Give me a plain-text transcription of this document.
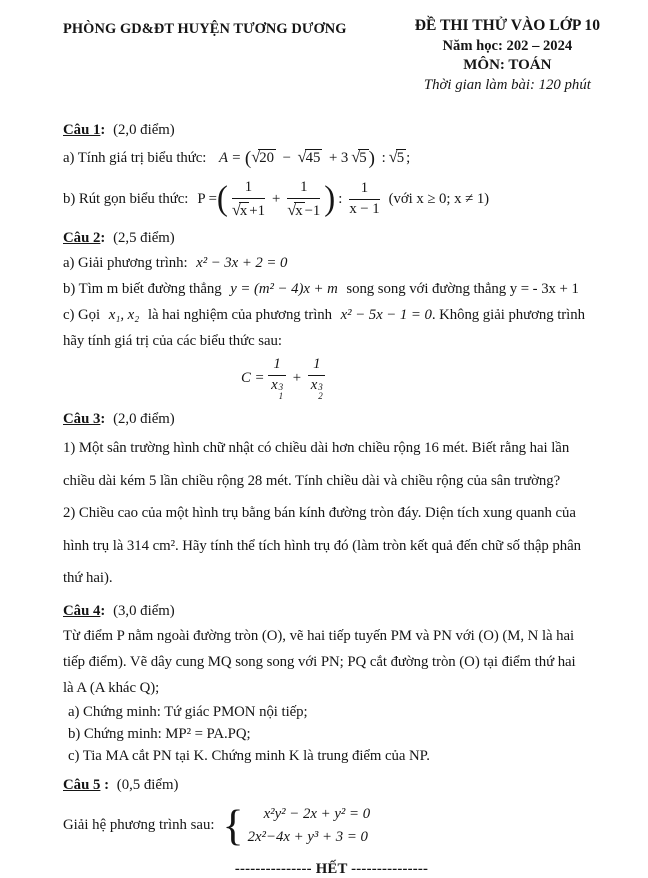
PHÒNG GD&ĐT HUYỆN TƯƠNG DƯƠNG	ĐỀ THI THỬ VÀO LỚP 10
Năm học: 202 – 2024
MÔN: TOÁN
Thời gian làm bài: 120 phút
Câu 1: (2,0 điểm)
a) Tính giá trị biểu thức: A = (√20 − √45 + 3 √5 ) : √5 ;
b) Rút gọn biểu thức: P = ( $\frac{1}{√x +1} + \frac{1}{√x -1}$ ) : $\frac{1}{x - 1}$ (với x ≥ 0; x ≠ 1)
Câu 2: (2,5 điểm)
a) Giải phương trình: x² − 3x + 2 = 0
b) Tìm m biết đường thẳng y = (m² − 4)x + m song song với đường thẳng y = - 3x + 1
c) Gọi x₁, x₂ là hai nghiệm của phương trình x² − 5x − 1 = 0. Không giải phương trình
hãy tính giá trị của các biểu thức sau:
C = 1
x 3
1 + 1
x 3
2
Câu 3: (2,0 điểm)
1) Một sân trường hình chữ nhật có chiều dài hơn chiều rộng 16 mét. Biết rằng hai lần
chiều dài kém 5 lần chiều rộng 28 mét. Tính chiều dài và chiều rộng của sân trường?
2) Chiều cao của một hình trụ bằng bán kính đường tròn đáy. Diện tích xung quanh của
hình trụ là 314 cm². Hãy tính thể tích hình trụ đó (làm tròn kết quả đến chữ số thập phân
thứ hai).
Câu 4: (3,0 điểm)
Từ điểm P nằm ngoài đường tròn (O), vẽ hai tiếp tuyến PM và PN với (O) (M, N là hai
tiếp điểm). Vẽ dây cung MQ song song với PN; PQ cắt đường tròn (O) tại điểm thứ hai
là A (A khác Q);
a) Chứng minh: Tứ giác PMON nội tiếp;
b) Chứng minh: MP² = PA.PQ;
c) Tia MA cắt PN tại K. Chứng minh K là trung điểm của NP.
Câu 5 : (0,5 điểm)
Giải hệ phương trình sau: {	x²y² − 2x + y² = 0
2x²−4x + y³ + 3 = 0
--------------- HẾT ---------------
